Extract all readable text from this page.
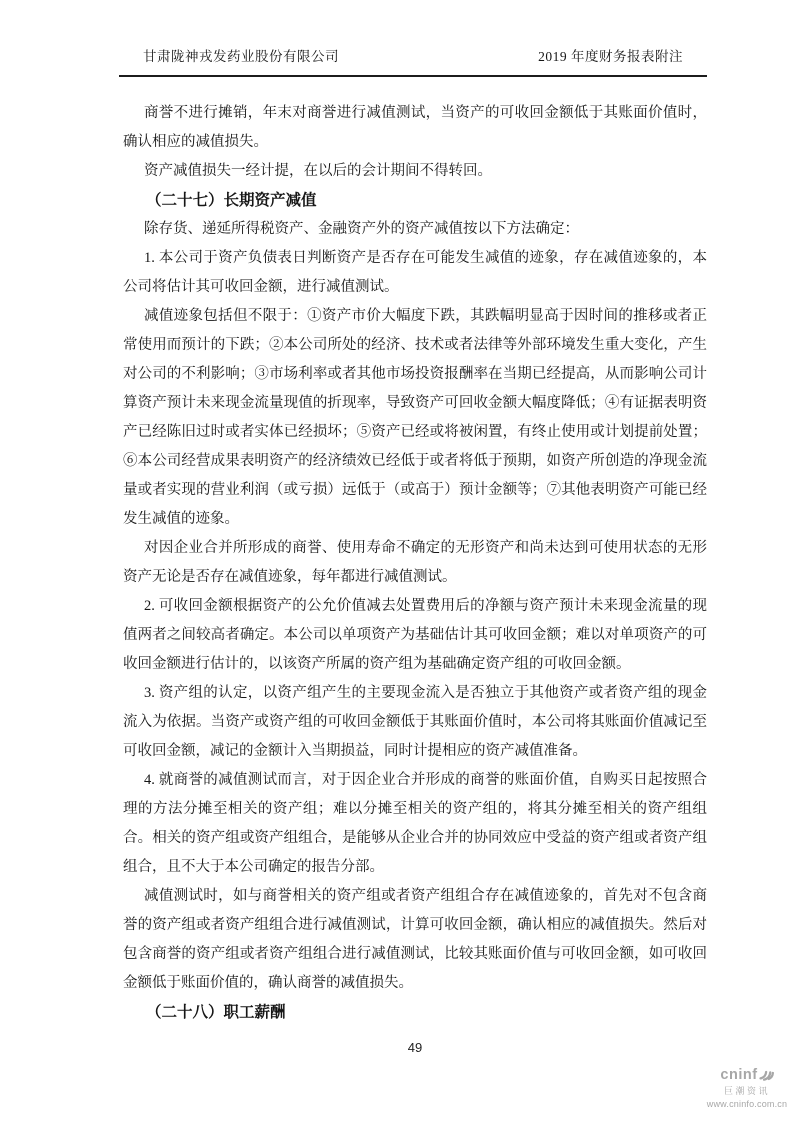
甘肃陇神戎发药业股份有限公司	2019 年度财务报表附注

商誉不进行摊销，年末对商誉进行减值测试，当资产的可收回金额低于其账面价值时，确认相应的减值损失。

资产减值损失一经计提，在以后的会计期间不得转回。

（二十七）长期资产减值

除存货、递延所得税资产、金融资产外的资产减值按以下方法确定：

1. 本公司于资产负债表日判断资产是否存在可能发生减值的迹象，存在减值迹象的，本公司将估计其可收回金额，进行减值测试。

减值迹象包括但不限于：①资产市价大幅度下跌，其跌幅明显高于因时间的推移或者正常使用而预计的下跌；②本公司所处的经济、技术或者法律等外部环境发生重大变化，产生对公司的不利影响；③市场利率或者其他市场投资报酬率在当期已经提高，从而影响公司计算资产预计未来现金流量现值的折现率，导致资产可回收金额大幅度降低；④有证据表明资产已经陈旧过时或者实体已经损坏；⑤资产已经或将被闲置，有终止使用或计划提前处置；⑥本公司经营成果表明资产的经济绩效已经低于或者将低于预期，如资产所创造的净现金流量或者实现的营业利润（或亏损）远低于（或高于）预计金额等；⑦其他表明资产可能已经发生减值的迹象。

对因企业合并所形成的商誉、使用寿命不确定的无形资产和尚未达到可使用状态的无形资产无论是否存在减值迹象，每年都进行减值测试。

2. 可收回金额根据资产的公允价值减去处置费用后的净额与资产预计未来现金流量的现值两者之间较高者确定。本公司以单项资产为基础估计其可收回金额；难以对单项资产的可收回金额进行估计的，以该资产所属的资产组为基础确定资产组的可收回金额。

3. 资产组的认定，以资产组产生的主要现金流入是否独立于其他资产或者资产组的现金流入为依据。当资产或资产组的可收回金额低于其账面价值时，本公司将其账面价值减记至可收回金额，减记的金额计入当期损益，同时计提相应的资产减值准备。

4. 就商誉的减值测试而言，对于因企业合并形成的商誉的账面价值，自购买日起按照合理的方法分摊至相关的资产组；难以分摊至相关的资产组的，将其分摊至相关的资产组组合。相关的资产组或资产组组合，是能够从企业合并的协同效应中受益的资产组或者资产组组合，且不大于本公司确定的报告分部。

减值测试时，如与商誉相关的资产组或者资产组组合存在减值迹象的，首先对不包含商誉的资产组或者资产组组合进行减值测试，计算可收回金额，确认相应的减值损失。然后对包含商誉的资产组或者资产组组合进行减值测试，比较其账面价值与可收回金额，如可收回金额低于账面价值的，确认商誉的减值损失。

（二十八）职工薪酬

49
cninf
巨潮资讯
www.cninfo.com.cn
